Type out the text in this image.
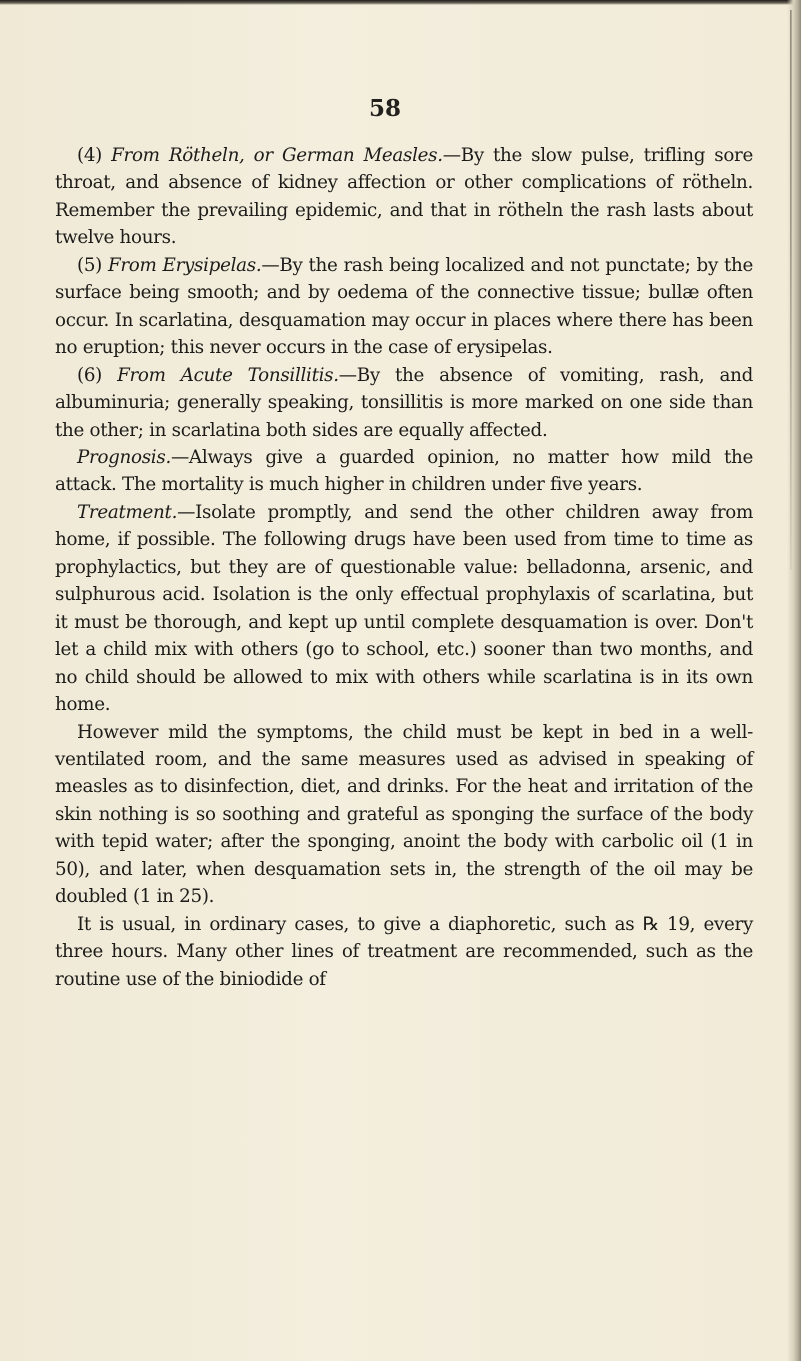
58

(4) From Rötheln, or German Measles.—By the slow pulse, trifling sore throat, and absence of kidney affection or other complications of rötheln. Remember the prevailing epidemic, and that in rötheln the rash lasts about twelve hours.

(5) From Erysipelas.—By the rash being localized and not punctate; by the surface being smooth; and by oedema of the connective tissue; bullæ often occur. In scarlatina, desquamation may occur in places where there has been no eruption; this never occurs in the case of erysipelas.

(6) From Acute Tonsillitis.—By the absence of vomiting, rash, and albuminuria; generally speaking, tonsillitis is more marked on one side than the other; in scarlatina both sides are equally affected.

Prognosis.—Always give a guarded opinion, no matter how mild the attack. The mortality is much higher in children under five years.

Treatment.—Isolate promptly, and send the other children away from home, if possible. The following drugs have been used from time to time as prophylactics, but they are of questionable value: belladonna, arsenic, and sulphurous acid. Isolation is the only effectual prophylaxis of scarlatina, but it must be thorough, and kept up until complete desquamation is over. Don't let a child mix with others (go to school, etc.) sooner than two months, and no child should be allowed to mix with others while scarlatina is in its own home.

However mild the symptoms, the child must be kept in bed in a well-ventilated room, and the same measures used as advised in speaking of measles as to disinfection, diet, and drinks. For the heat and irritation of the skin nothing is so soothing and grateful as sponging the surface of the body with tepid water; after the sponging, anoint the body with carbolic oil (1 in 50), and later, when desquamation sets in, the strength of the oil may be doubled (1 in 25).

It is usual, in ordinary cases, to give a diaphoretic, such as ℞ 19, every three hours. Many other lines of treatment are recommended, such as the routine use of the biniodide of
